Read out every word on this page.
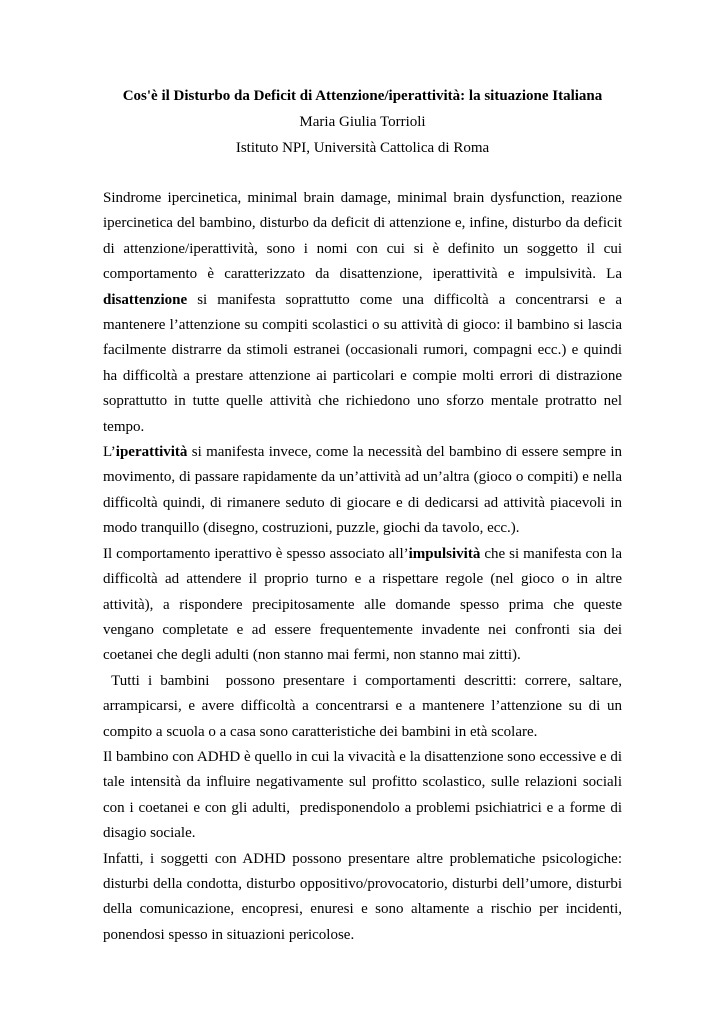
Cos'è il Disturbo da Deficit di Attenzione/iperattività: la situazione Italiana
Maria Giulia Torrioli
Istituto NPI, Università Cattolica di Roma

Sindrome ipercinetica, minimal brain damage, minimal brain dysfunction, reazione ipercinetica del bambino, disturbo da deficit di attenzione e, infine, disturbo da deficit di attenzione/iperattività, sono i nomi con cui si è definito un soggetto il cui comportamento è caratterizzato da disattenzione, iperattività e impulsività. La disattenzione si manifesta soprattutto come una difficoltà a concentrarsi e a mantenere l’attenzione su compiti scolastici o su attività di gioco: il bambino si lascia facilmente distrarre da stimoli estranei (occasionali rumori, compagni ecc.) e quindi ha difficoltà a prestare attenzione ai particolari e compie molti errori di distrazione soprattutto in tutte quelle attività che richiedono uno sforzo mentale protratto nel tempo.

L’iperattività si manifesta invece, come la necessità del bambino di essere sempre in movimento, di passare rapidamente da un’attività ad un’altra (gioco o compiti) e nella difficoltà quindi, di rimanere seduto di giocare e di dedicarsi ad attività piacevoli in modo tranquillo (disegno, costruzioni, puzzle, giochi da tavolo, ecc.).

Il comportamento iperattivo è spesso associato all’impulsività che si manifesta con la difficoltà ad attendere il proprio turno e a rispettare regole (nel gioco o in altre attività), a rispondere precipitosamente alle domande spesso prima che queste vengano completate e ad essere frequentemente invadente nei confronti sia dei coetanei che degli adulti (non stanno mai fermi, non stanno mai zitti).

Tutti i bambini  possono presentare i comportamenti descritti: correre, saltare, arrampicarsi, e avere difficoltà a concentrarsi e a mantenere l’attenzione su di un compito a scuola o a casa sono caratteristiche dei bambini in età scolare.

Il bambino con ADHD è quello in cui la vivacità e la disattenzione sono eccessive e di tale intensità da influire negativamente sul profitto scolastico, sulle relazioni sociali con i coetanei e con gli adulti,  predisponendolo a problemi psichiatrici e a forme di disagio sociale.

Infatti, i soggetti con ADHD possono presentare altre problematiche psicologiche: disturbi della condotta, disturbo oppositivo/provocatorio, disturbi dell’umore, disturbi della comunicazione, encopresi, enuresi e sono altamente a rischio per incidenti, ponendosi spesso in situazioni pericolose.
